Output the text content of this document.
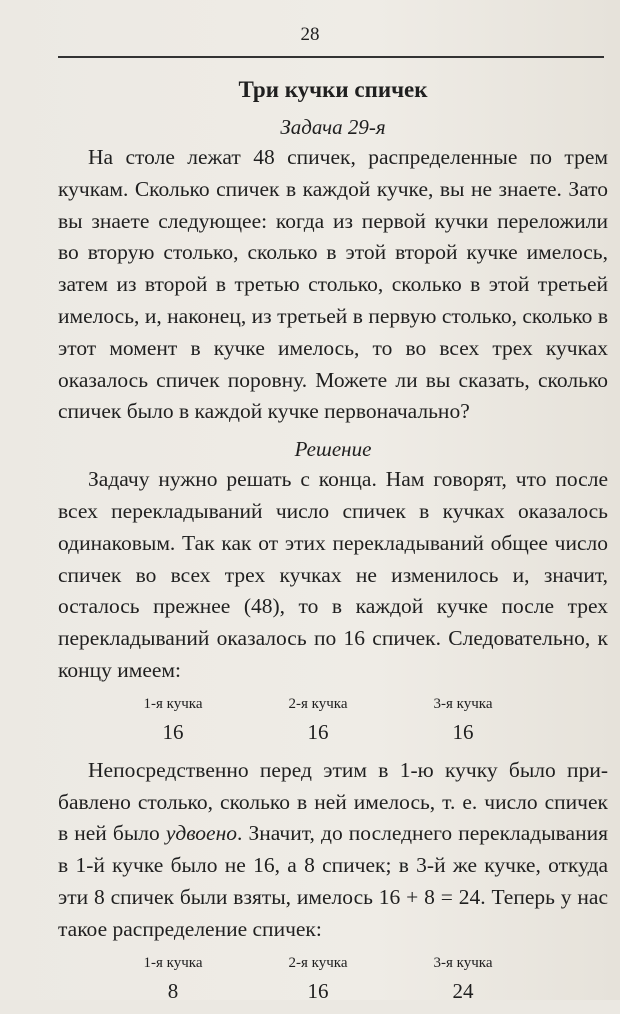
28
Три кучки спичек
Задача 29-я

На столе лежат 48 спичек, распределенные по трем кучкам. Сколько спичек в каждой кучке, вы не знаете. Зато вы знаете следующее: когда из первой кучки переложили во вторую столько, сколько в этой второй кучке имелось, затем из второй в третью столько, сколько в этой третьей имелось, и, наконец, из третьей в первую столько, сколько в этот момент в кучке имелось, то во всех трех кучках оказалось спичек поровну. Можете ли вы сказать, сколько спичек было в каждой кучке первоначально?

Решение

Задачу нужно решать с конца. Нам говорят, что после всех перекладываний число спичек в кучках оказалось одинаковым. Так как от этих перекладываний общее число спичек во всех трех кучках не изменилось и, значит, осталось прежнее (48), то в каждой кучке после трех перекладываний оказалось по 16 спичек. Следовательно, к концу имеем:

1-я кучка
16
2-я кучка
16
3-я кучка
16

Непосредственно перед этим в 1-ю кучку было прибавлено столько, сколько в ней имелось, т. е. число спичек в ней было удвоено. Значит, до последнего перекладывания в 1-й кучке было не 16, а 8 спичек; в 3-й же кучке, откуда эти 8 спичек были взяты, имелось 16 + 8 = 24. Теперь у нас такое распределение спичек:

1-я кучка
8
2-я кучка
16
3-я кучка
24
